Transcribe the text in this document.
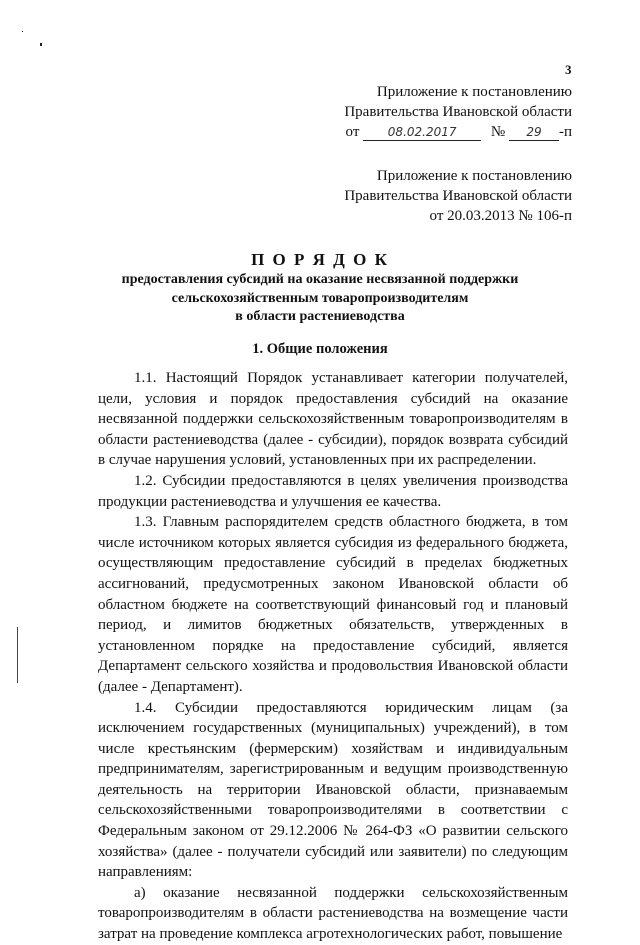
3
Приложение к постановлению
Правительства Ивановской области
от 08.02.2017 № 29 -п
Приложение к постановлению
Правительства Ивановской области
от 20.03.2013 № 106-п
П О Р Я Д О К
предоставления субсидий на оказание несвязанной поддержки
сельскохозяйственным товаропроизводителям
в области растениеводства
1. Общие положения

1.1. Настоящий Порядок устанавливает категории получателей, цели, условия и порядок предоставления субсидий на оказание несвязанной поддержки сельскохозяйственным товаропроизводителям в области растениеводства (далее - субсидии), порядок возврата субсидий в случае нарушения условий, установленных при их распределении.

1.2. Субсидии предоставляются в целях увеличения производства продукции растениеводства и улучшения ее качества.

1.3. Главным распорядителем средств областного бюджета, в том числе источником которых является субсидия из федерального бюджета, осуществляющим предоставление субсидий в пределах бюджетных ассигнований, предусмотренных законом Ивановской области об областном бюджете на соответствующий финансовый год и плановый период, и лимитов бюджетных обязательств, утвержденных в установленном порядке на предоставление субсидий, является Департамент сельского хозяйства и продовольствия Ивановской области (далее - Департамент).

1.4. Субсидии предоставляются юридическим лицам (за исключением государственных (муниципальных) учреждений), в том числе крестьянским (фермерским) хозяйствам и индивидуальным предпринимателям, зарегистрированным и ведущим производственную деятельность на территории Ивановской области, признаваемым сельскохозяйственными товаропроизводителями в соответствии с Федеральным законом от 29.12.2006 № 264-ФЗ «О развитии сельского хозяйства» (далее - получатели субсидий или заявители) по следующим направлениям:

а) оказание несвязанной поддержки сельскохозяйственным товаропроизводителям в области растениеводства на возмещение части затрат на проведение комплекса агротехнологических работ, повышение
